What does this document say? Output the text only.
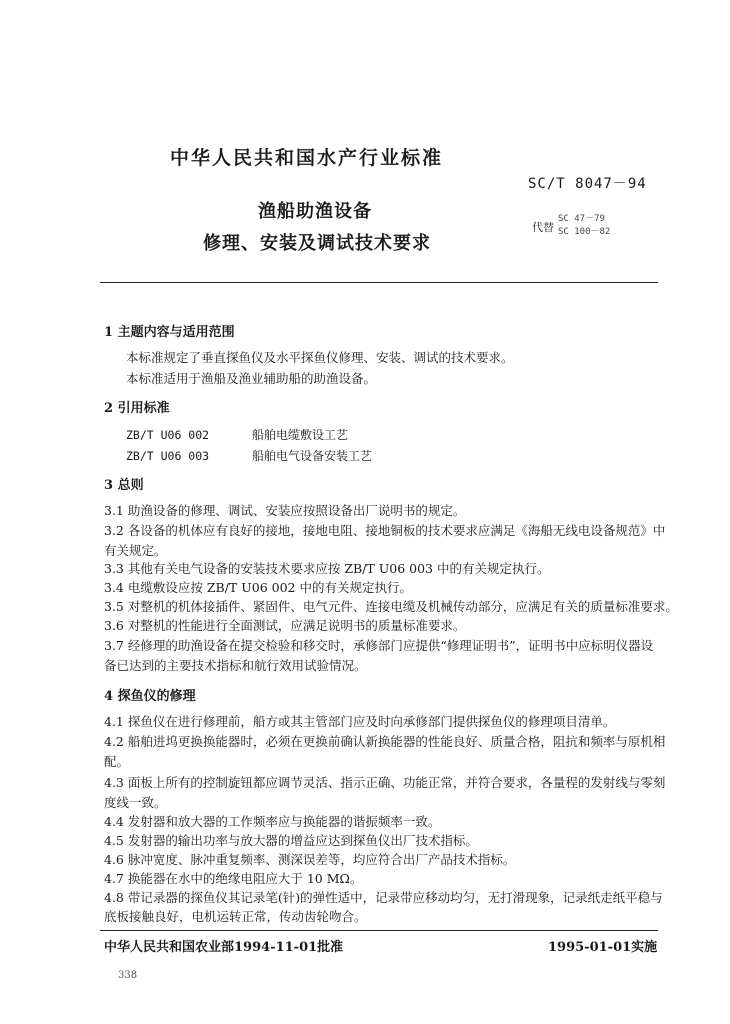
中华人民共和国水产行业标准
SC/T 8047－94
渔船助渔设备
修理、安装及调试技术要求
代替
SC 47－79
SC 100－82
1 主题内容与适用范围
本标准规定了垂直探鱼仪及水平探鱼仪修理、安装、调试的技术要求。
本标准适用于渔船及渔业辅助船的助渔设备。
2 引用标准
ZB/T U06 002	船舶电缆敷设工艺
ZB/T U06 003	船舶电气设备安装工艺
3 总则
3.1 助渔设备的修理、调试、安装应按照设备出厂说明书的规定。
3.2 各设备的机体应有良好的接地，接地电阻、接地铜板的技术要求应满足《海船无线电设备规范》中
有关规定。
3.3 其他有关电气设备的安装技术要求应按 ZB/T U06 003 中的有关规定执行。
3.4 电缆敷设应按 ZB/T U06 002 中的有关规定执行。
3.5 对整机的机体接插件、紧固件、电气元件、连接电缆及机械传动部分，应满足有关的质量标准要求。
3.6 对整机的性能进行全面测试，应满足说明书的质量标准要求。
3.7 经修理的助渔设备在提交检验和移交时，承修部门应提供“修理证明书”，证明书中应标明仪器设
备已达到的主要技术指标和航行效用试验情况。
4 探鱼仪的修理
4.1 探鱼仪在进行修理前，船方或其主管部门应及时向承修部门提供探鱼仪的修理项目清单。
4.2 船舶进坞更换换能器时，必须在更换前确认新换能器的性能良好、质量合格，阻抗和频率与原机相
配。
4.3 面板上所有的控制旋钮都应调节灵活、指示正确、功能正常，并符合要求，各量程的发射线与零刻
度线一致。
4.4 发射器和放大器的工作频率应与换能器的谐振频率一致。
4.5 发射器的输出功率与放大器的增益应达到探鱼仪出厂技术指标。
4.6 脉冲宽度、脉冲重复频率、测深误差等，均应符合出厂产品技术指标。
4.7 换能器在水中的绝缘电阻应大于 10 MΩ。
4.8 带记录器的探鱼仪其记录笔(针)的弹性适中，记录带应移动均匀，无打滑现象，记录纸走纸平稳与
底板接触良好，电机运转正常，传动齿轮吻合。
中华人民共和国农业部1994-11-01批准	1995-01-01实施
338
